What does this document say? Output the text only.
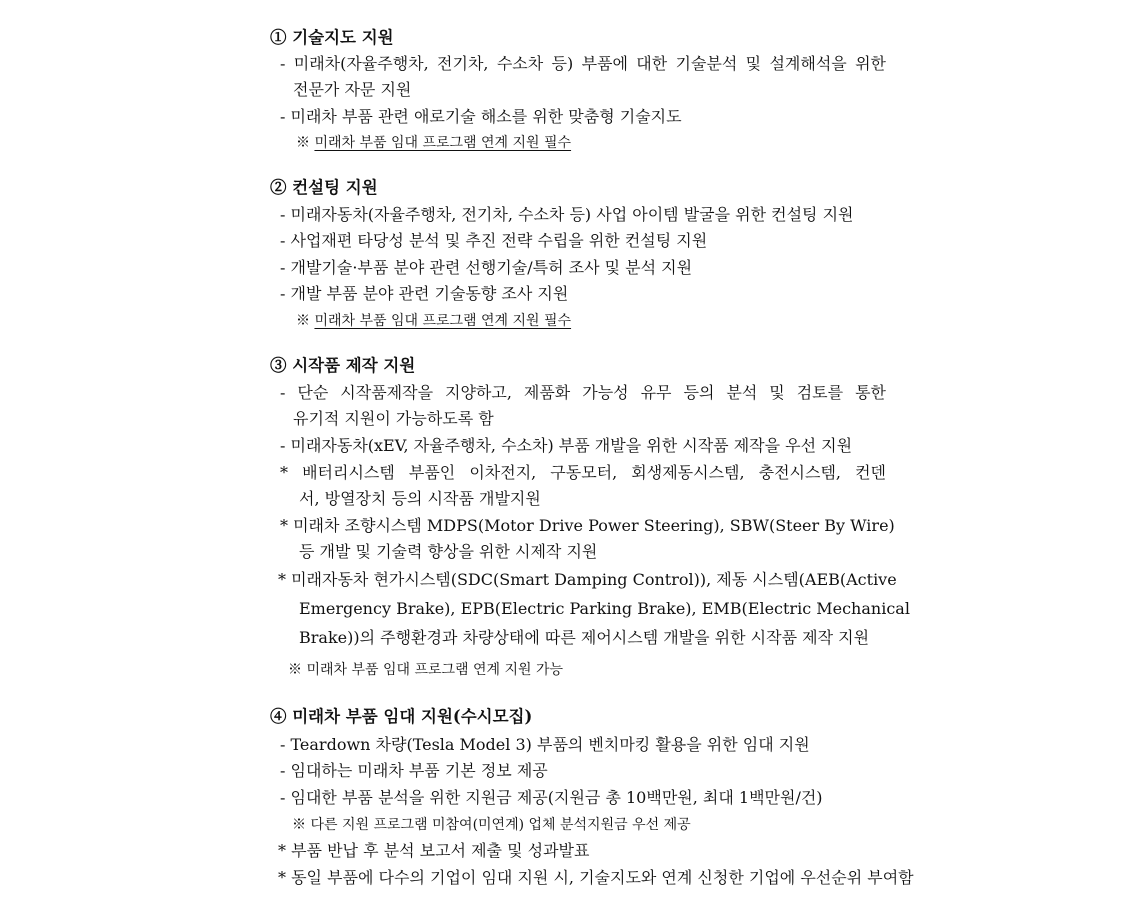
① 기술지도 지원
- 미래차(자율주행차, 전기차, 수소차 등) 부품에 대한 기술분석 및 설계해석을 위한
전문가 자문 지원
- 미래차 부품 관련 애로기술 해소를 위한 맞춤형 기술지도
※ 미래차 부품 임대 프로그램 연계 지원 필수
② 컨설팅 지원
- 미래자동차(자율주행차, 전기차, 수소차 등) 사업 아이템 발굴을 위한 컨설팅 지원
- 사업재편 타당성 분석 및 추진 전략 수립을 위한 컨설팅 지원
- 개발기술·부품 분야 관련 선행기술/특허 조사 및 분석 지원
- 개발 부품 분야 관련 기술동향 조사 지원
※ 미래차 부품 임대 프로그램 연계 지원 필수
③ 시작품 제작 지원
- 단순 시작품제작을 지양하고, 제품화 가능성 유무 등의 분석 및 검토를 통한
유기적 지원이 가능하도록 함
- 미래자동차(xEV, 자율주행차, 수소차) 부품 개발을 위한 시작품 제작을 우선 지원
* 배터리시스템 부품인 이차전지, 구동모터, 회생제동시스템, 충전시스템, 컨덴
서, 방열장치 등의 시작품 개발지원
* 미래차 조향시스템 MDPS(Motor Drive Power Steering), SBW(Steer By Wire)
등 개발 및 기술력 향상을 위한 시제작 지원
* 미래자동차 현가시스템(SDC(Smart Damping Control)), 제동 시스템(AEB(Active
Emergency Brake), EPB(Electric Parking Brake), EMB(Electric Mechanical
Brake))의 주행환경과 차량상태에 따른 제어시스템 개발을 위한 시작품 제작 지원
※ 미래차 부품 임대 프로그램 연계 지원 가능
④ 미래차 부품 임대 지원(수시모집)
- Teardown 차량(Tesla Model 3) 부품의 벤치마킹 활용을 위한 임대 지원
- 임대하는 미래차 부품 기본 정보 제공
- 임대한 부품 분석을 위한 지원금 제공(지원금 총 10백만원, 최대 1백만원/건)
※ 다른 지원 프로그램 미참여(미연계) 업체 분석지원금 우선 제공
* 부품 반납 후 분석 보고서 제출 및 성과발표
* 동일 부품에 다수의 기업이 임대 지원 시, 기술지도와 연계 신청한 기업에 우선순위 부여함
